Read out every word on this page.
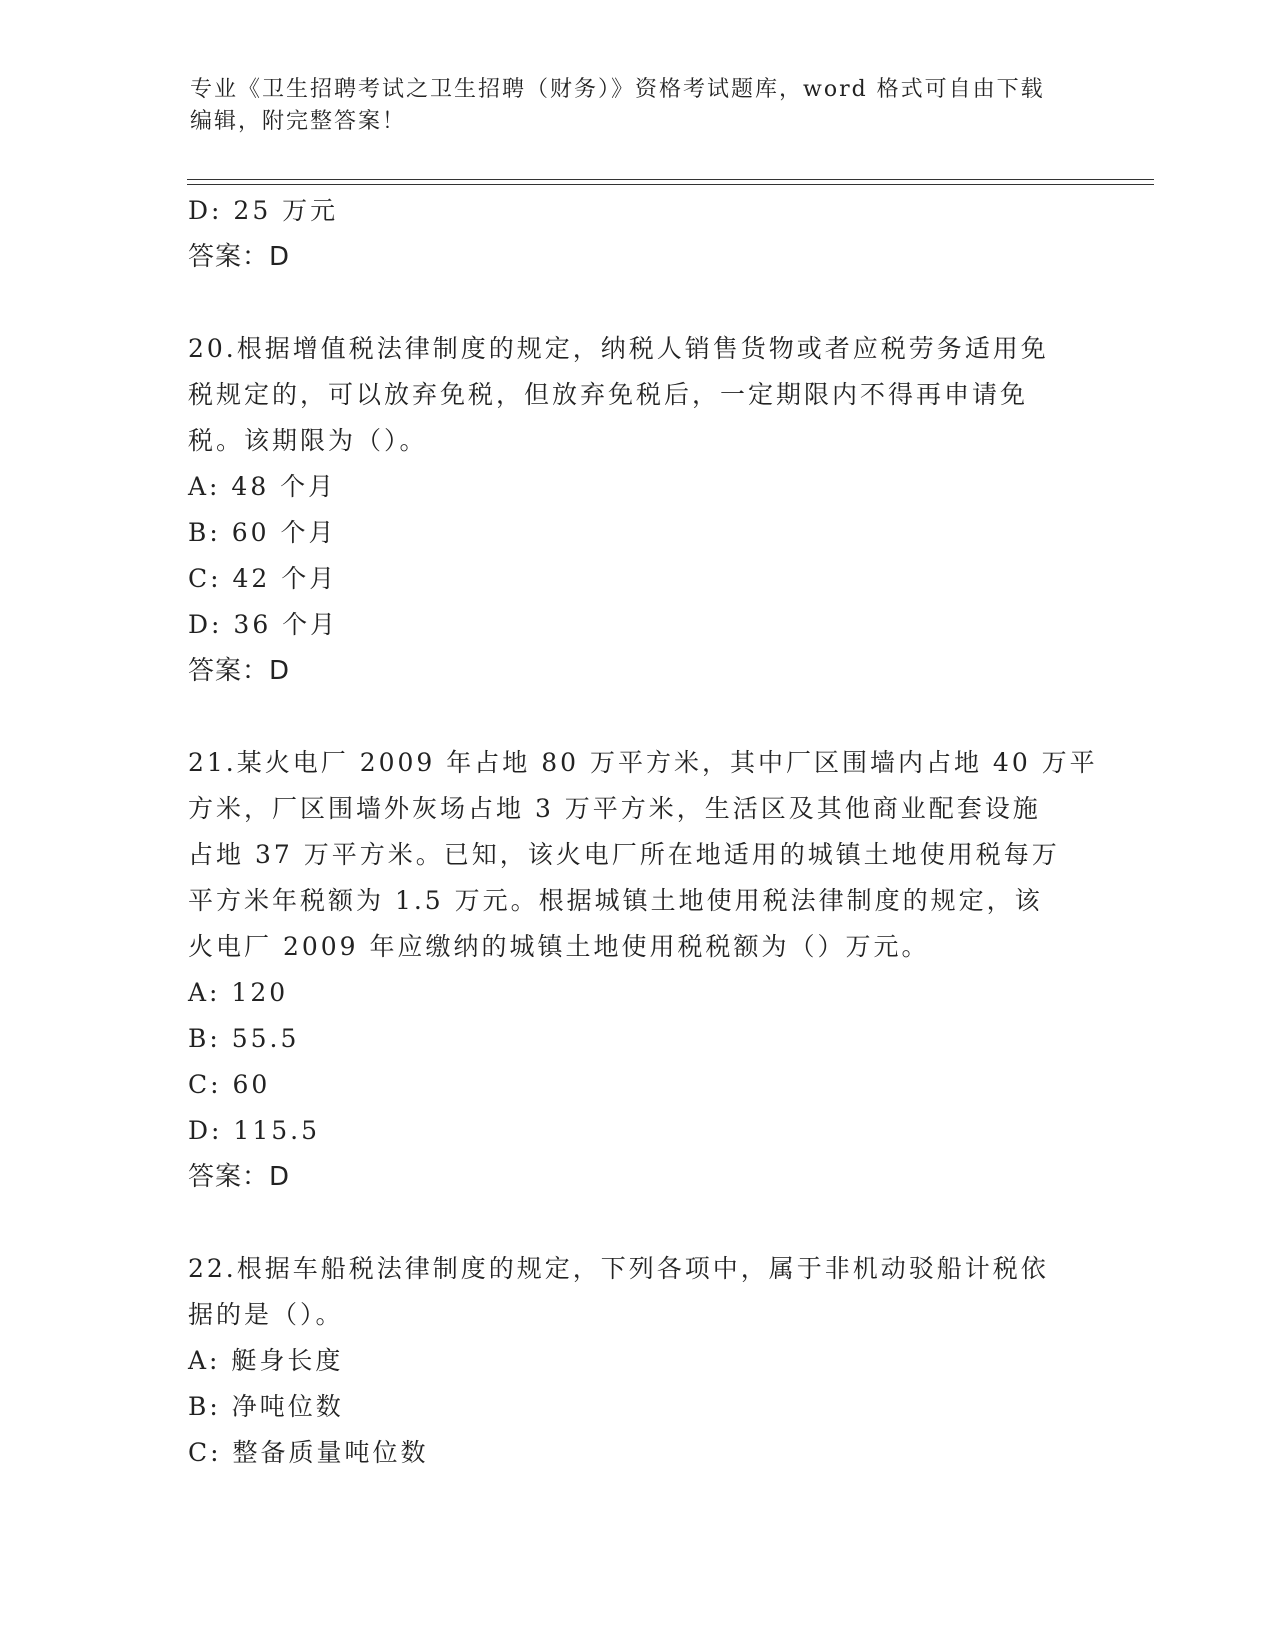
专业《卫生招聘考试之卫生招聘（财务）》资格考试题库，word 格式可自由下载
编辑，附完整答案！
D: 25 万元
答案：D
20.根据增值税法律制度的规定，纳税人销售货物或者应税劳务适用免
税规定的，可以放弃免税，但放弃免税后，一定期限内不得再申请免
税。该期限为（）。
A: 48 个月
B: 60 个月
C: 42 个月
D: 36 个月
答案：D
21.某火电厂 2009 年占地 80 万平方米，其中厂区围墙内占地 40 万平
方米，厂区围墙外灰场占地 3 万平方米，生活区及其他商业配套设施
占地 37 万平方米。已知，该火电厂所在地适用的城镇土地使用税每万
平方米年税额为 1.5 万元。根据城镇土地使用税法律制度的规定，该
火电厂 2009 年应缴纳的城镇土地使用税税额为（）万元。
A: 120
B: 55.5
C: 60
D: 115.5
答案：D
22.根据车船税法律制度的规定，下列各项中，属于非机动驳船计税依
据的是（）。
A: 艇身长度
B: 净吨位数
C: 整备质量吨位数
